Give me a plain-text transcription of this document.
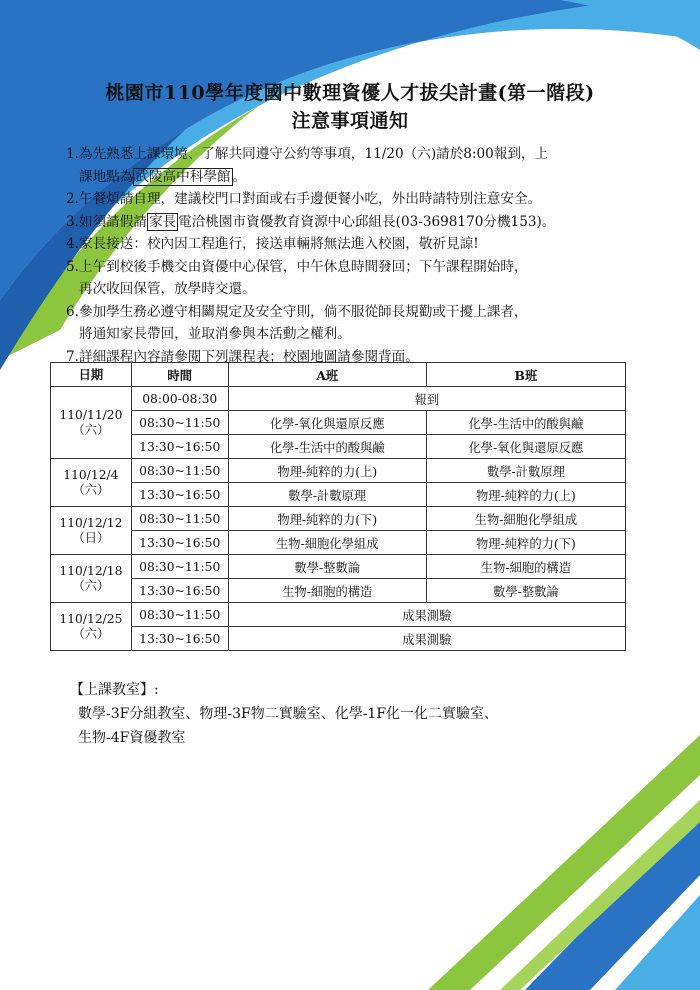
桃園市110學年度國中數理資優人才拔尖計畫(第一階段)
注意事項通知

1.為先熟悉上課環境、了解共同遵守公約等事項，11/20（六)請於8:00報到，上
課地點為 武陵高中科學館 。

2.午餐煩請自理，建議校門口對面或右手邊便餐小吃，外出時請特別注意安全。

3.如須請假請 家長 電洽桃園市資優教育資源中心邱組長(03-3698170分機153)。

4.家長接送：校內因工程進行，接送車輛將無法進入校園，敬祈見諒!

5.上午到校後手機交由資優中心保管，中午休息時間發回；下午課程開始時，
再次收回保管，放學時交還。

6.參加學生務必遵守相關規定及安全守則，倘不服從師長規勸或干擾上課者，
將通知家長帶回，並取消參與本活動之權利。

7.詳細課程內容請參閱下列課程表；校園地圖請參閱背面。

日期	時間	A班	B班

110/11/20
（六）	08:00-08:30	報到	
	08:30~11:50	化學-氧化與還原反應	化學-生活中的酸與鹼
	13:30~16:50	化學-生活中的酸與鹼	化學-氧化與還原反應

110/12/4
（六）	08:30~11:50	物理-純粹的力(上)	數學-計數原理
	13:30~16:50	數學-計數原理	物理-純粹的力(上)

110/12/12
（日）	08:30~11:50	物理-純粹的力(下)	生物-細胞化學組成
	13:30~16:50	生物-細胞化學組成	物理-純粹的力(下)

110/12/18
（六）	08:30~11:50	數學-整數論	生物-細胞的構造
	13:30~16:50	生物-細胞的構造	數學-整數論

110/12/25
（六）	08:30~11:50	成果測驗	
	13:30~16:50	成果測驗	
【上課教室】:
數學-3F分組教室、物理-3F物二實驗室、化學-1F化一化二實驗室、
生物-4F資優教室
